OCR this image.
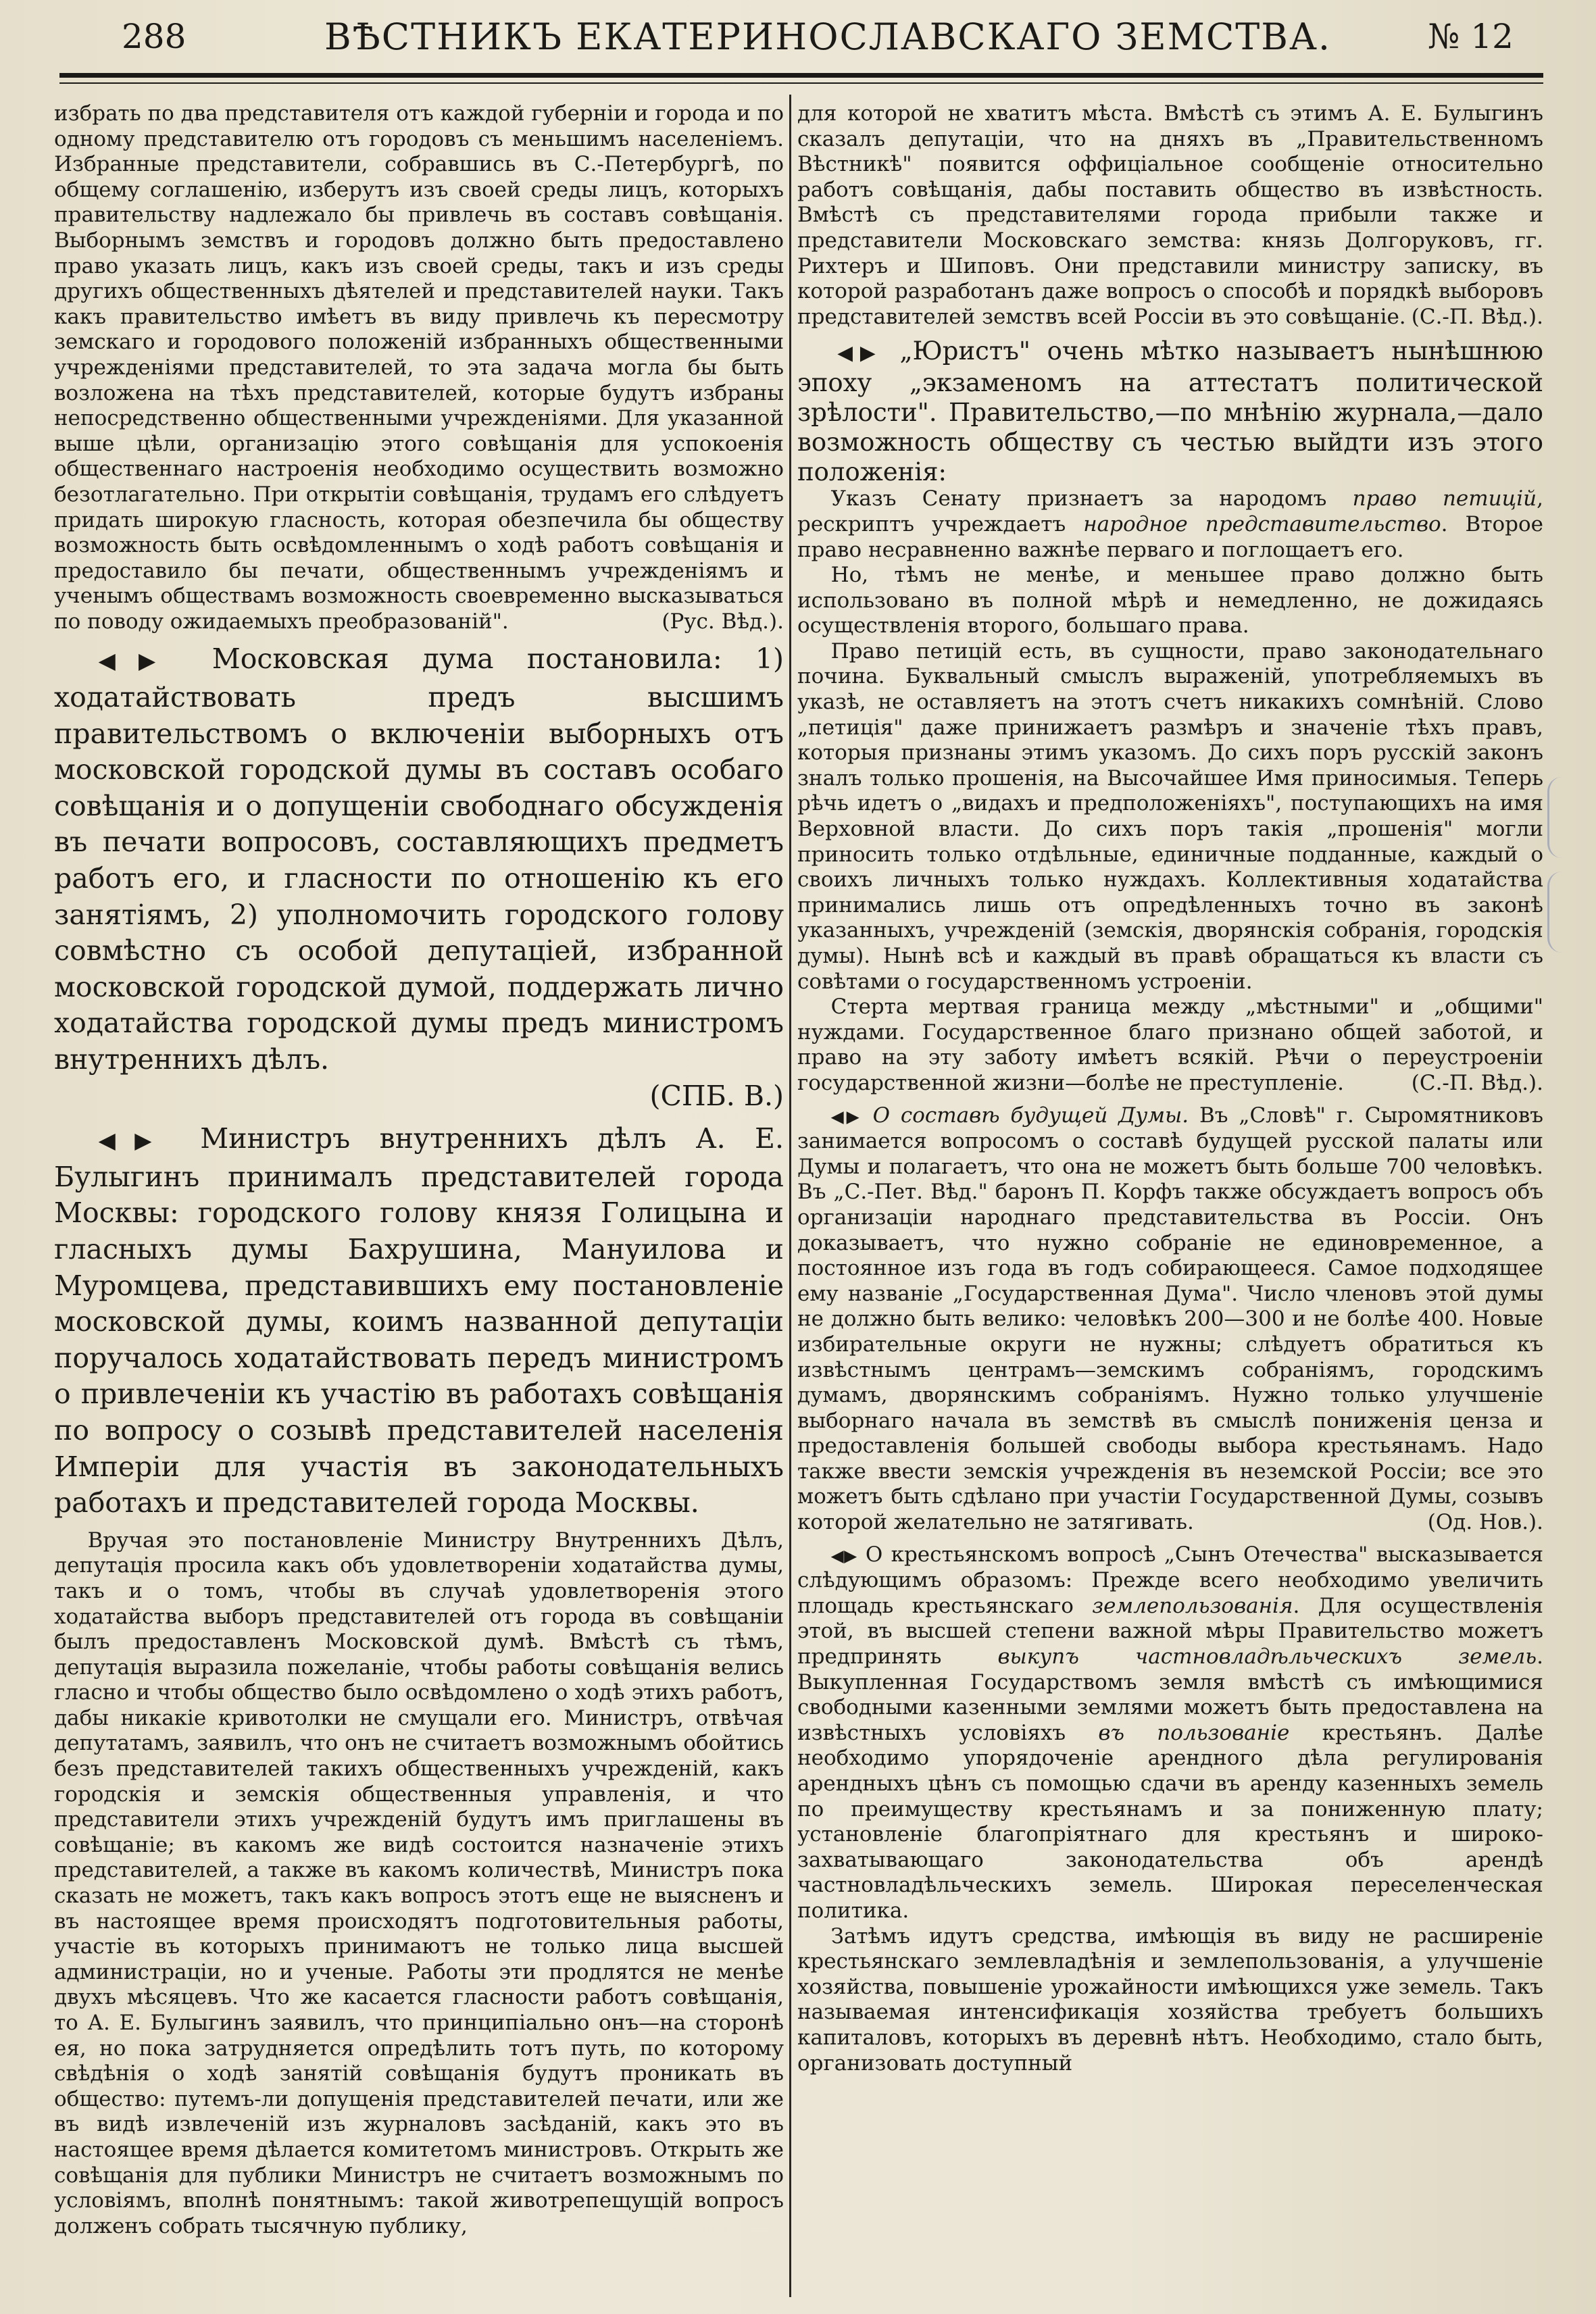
288	ВѢСТНИКЪ ЕКАТЕРИНОСЛАВСКАГО ЗЕМСТВА.	№ 12

избрать по два представителя отъ каждой губерніи и города и по одному представителю отъ городовъ съ меньшимъ населеніемъ. Избранные представители, собравшись въ С.-Петербургѣ, по общему соглашенію, изберутъ изъ своей среды лицъ, которыхъ правительству надлежало бы привлечь въ составъ совѣщанія. Выборнымъ земствъ и городовъ должно быть предоставлено право указать лицъ, какъ изъ своей среды, такъ и изъ среды другихъ общественныхъ дѣятелей и представителей науки. Такъ какъ правительство имѣетъ въ виду привлечь къ пересмотру земскаго и городового положеній избранныхъ общественными учрежденіями представителей, то эта задача могла бы быть возложена на тѣхъ представителей, которые будутъ избраны непосредственно общественными учрежденіями. Для указанной выше цѣли, организацію этого совѣщанія для успокоенія общественнаго настроенія необходимо осуществить возможно безотлагательно. При открытіи совѣщанія, трудамъ его слѣдуетъ придать широкую гласность, которая обезпечила бы обществу возможность быть освѣдомленнымъ о ходѣ работъ совѣщанія и предоставило бы печати, общественнымъ учрежденіямъ и ученымъ обществамъ возможность своевременно высказываться по поводу ожидаемыхъ преобразованій".	(Рус. Вѣд.).

◀▶ Московская дума постановила: 1) ходатайствовать предъ высшимъ правительствомъ о включеніи выборныхъ отъ московской городской думы въ составъ особаго совѣщанія и о допущеніи свободнаго обсужденія въ печати вопросовъ, составляющихъ предметъ работъ его, и гласности по отношенію къ его занятіямъ, 2) уполномочить городского голову совмѣстно съ особой депутаціей, избранной московской городской думой, поддержать лично ходатайства городской думы предъ министромъ внутреннихъ дѣлъ.

(СПБ. В.)

◀▶ Министръ внутреннихъ дѣлъ А. Е. Булыгинъ принималъ представителей города Москвы: городского голову князя Голицына и гласныхъ думы Бахрушина, Мануилова и Муромцева, представившихъ ему постановленіе московской думы, коимъ названной депутаціи поручалось ходатайствовать передъ министромъ о привлеченіи къ участію въ работахъ совѣщанія по вопросу о созывѣ представителей населенія Имперіи для участія въ законодательныхъ работахъ и представителей города Москвы.

Вручая это постановленіе Министру Внутреннихъ Дѣлъ, депутація просила какъ объ удовлетвореніи ходатайства думы, такъ и о томъ, чтобы въ случаѣ удовлетворенія этого ходатайства выборъ представителей отъ города въ совѣщаніи былъ предоставленъ Московской думѣ. Вмѣстѣ съ тѣмъ, депутація выразила пожеланіе, чтобы работы совѣщанія велись гласно и чтобы общество было освѣдомлено о ходѣ этихъ работъ, дабы никакіе кривотолки не смущали его. Министръ, отвѣчая депутатамъ, заявилъ, что онъ не считаетъ возможнымъ обойтись безъ представителей такихъ общественныхъ учрежденій, какъ городскія и земскія общественныя управленія, и что представители этихъ учрежденій будутъ имъ приглашены въ совѣщаніе; въ какомъ же видѣ состоится назначеніе этихъ представителей, а также въ какомъ количествѣ, Министръ пока сказать не можетъ, такъ какъ вопросъ этотъ еще не выясненъ и въ настоящее время происходятъ подготовительныя работы, участіе въ которыхъ принимаютъ не только лица высшей администраціи, но и ученые. Работы эти продлятся не менѣе двухъ мѣсяцевъ. Что же касается гласности работъ совѣщанія, то А. Е. Булыгинъ заявилъ, что принципіально онъ—на сторонѣ ея, но пока затрудняется опредѣлить тотъ путь, по которому свѣдѣнія о ходѣ занятій совѣщанія будутъ проникать въ общество: путемъ-ли допущенія представителей печати, или же въ видѣ извлеченій изъ журналовъ засѣданій, какъ это въ настоящее время дѣлается комитетомъ министровъ. Открыть же совѣщанія для публики Министръ не считаетъ возможнымъ по условіямъ, вполнѣ понятнымъ: такой животрепещущій вопросъ долженъ собрать тысячную публику,

для которой не хватитъ мѣста. Вмѣстѣ съ этимъ А. Е. Булыгинъ сказалъ депутаціи, что на дняхъ въ „Правительственномъ Вѣстникѣ" появится оффиціальное сообщеніе относительно работъ совѣщанія, дабы поставить общество въ извѣстность. Вмѣстѣ съ представителями города прибыли также и представители Московскаго земства: князь Долгоруковъ, гг. Рихтеръ и Шиповъ. Они представили министру записку, въ которой разработанъ даже вопросъ о способѣ и порядкѣ выборовъ представителей земствъ всей Россіи въ это совѣщаніе. (С.-П. Вѣд.).

◀▶ „Юристъ" очень мѣтко называетъ нынѣшнюю эпоху „экзаменомъ на аттестатъ политической зрѣлости". Правительство,—по мнѣнію журнала,—дало возможность обществу съ честью выйдти изъ этого положенія:

Указъ Сенату признаетъ за народомъ право петицій, рескриптъ учреждаетъ народное представительство. Второе право несравненно важнѣе перваго и поглощаетъ его.

Но, тѣмъ не менѣе, и меньшее право должно быть использовано въ полной мѣрѣ и немедленно, не дожидаясь осуществленія второго, большаго права.

Право петицій есть, въ сущности, право законодательнаго почина. Буквальный смыслъ выраженій, употребляемыхъ въ указѣ, не оставляетъ на этотъ счетъ никакихъ сомнѣній. Слово „петиція" даже принижаетъ размѣръ и значеніе тѣхъ правъ, которыя признаны этимъ указомъ. До сихъ поръ русскій законъ зналъ только прошенія, на Высочайшее Имя приносимыя. Теперь рѣчь идетъ о „видахъ и предположеніяхъ", поступающихъ на имя Верховной власти. До сихъ поръ такія „прошенія" могли приносить только отдѣльные, единичные подданные, каждый о своихъ личныхъ только нуждахъ. Коллективныя ходатайства принимались лишь отъ опредѣленныхъ точно въ законѣ указанныхъ, учрежденій (земскія, дворянскія собранія, городскія думы). Нынѣ всѣ и каждый въ правѣ обращаться къ власти съ совѣтами о государственномъ устроеніи.

Стерта мертвая граница между „мѣстными" и „общими" нуждами. Государственное благо признано общей заботой, и право на эту заботу имѣетъ всякій. Рѣчи о переустроеніи государственной жизни—болѣе не преступленіе.	(С.-П. Вѣд.).

◀▶ О составѣ будущей Думы. Въ „Словѣ" г. Сыромятниковъ занимается вопросомъ о составѣ будущей русской палаты или Думы и полагаетъ, что она не можетъ быть больше 700 человѣкъ. Въ „С.-Пет. Вѣд." баронъ П. Корфъ также обсуждаетъ вопросъ объ организаціи народнаго представительства въ Россіи. Онъ доказываетъ, что нужно собраніе не единовременное, а постоянное изъ года въ годъ собирающееся. Самое подходящее ему названіе „Государственная Дума". Число членовъ этой думы не должно быть велико: человѣкъ 200—300 и не болѣе 400. Новые избирательные округи не нужны; слѣдуетъ обратиться къ извѣстнымъ центрамъ—земскимъ собраніямъ, городскимъ думамъ, дворянскимъ собраніямъ. Нужно только улучшеніе выборнаго начала въ земствѣ въ смыслѣ пониженія ценза и предоставленія большей свободы выбора крестьянамъ. Надо также ввести земскія учрежденія въ неземской Россіи; все это можетъ быть сдѣлано при участіи Государственной Думы, созывъ которой желательно не затягивать.	(Од. Нов.).

◀▶ О крестьянскомъ вопросѣ „Сынъ Отечества" высказывается слѣдующимъ образомъ: Прежде всего необходимо увеличить площадь крестьянскаго землепользованія. Для осуществленія этой, въ высшей степени важной мѣры Правительство можетъ предпринять выкупъ частновладѣльческихъ земель. Выкупленная Государствомъ земля вмѣстѣ съ имѣющимися свободными казенными землями можетъ быть предоставлена на извѣстныхъ условіяхъ въ пользованіе крестьянъ. Далѣе необходимо упорядоченіе арендного дѣла регулированія арендныхъ цѣнъ съ помощью сдачи въ аренду казенныхъ земель по преимуществу крестьянамъ и за пониженную плату; установленіе благопріятнаго для крестьянъ и широко-захватывающаго законодательства объ арендѣ частновладѣльческихъ земель. Широкая переселенческая политика.

Затѣмъ идутъ средства, имѣющія въ виду не расширеніе крестьянскаго землевладѣнія и землепользованія, а улучшеніе хозяйства, повышеніе урожайности имѣющихся уже земель. Такъ называемая интенсификація хозяйства требуетъ большихъ капиталовъ, которыхъ въ деревнѣ нѣтъ. Необходимо, стало быть, организовать доступный
